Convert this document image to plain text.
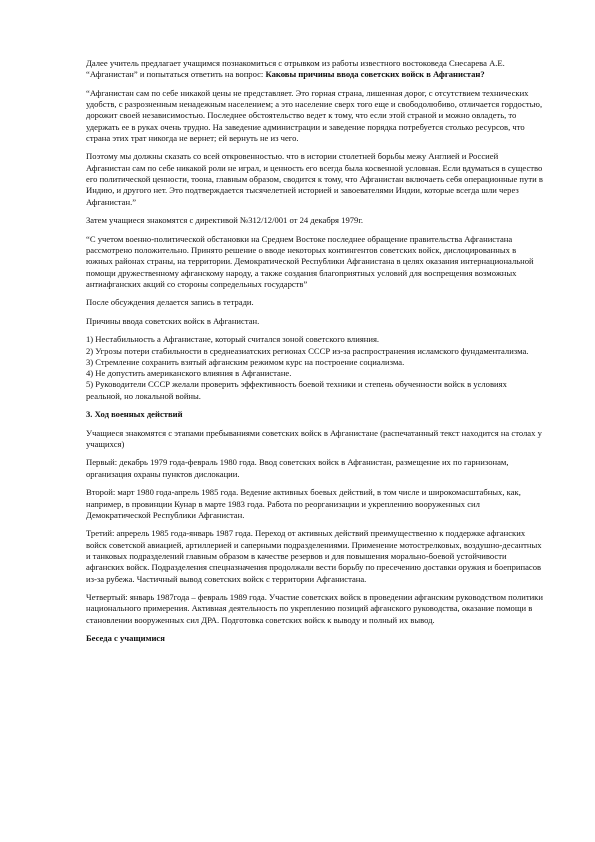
Далее учитель предлагает учащимся познакомиться с отрывком из работы известного востоковеда Снесарева А.Е. “Афганистан” и попытаться ответить на вопрос: Каковы причины ввода советских войск в Афганистан?

“Афганистан сам по себе никакой цены не представляет. Это горная страна, лишенная дорог, с отсутствием технических удобств, с разрозненным ненадежным населением; а это население сверх того еще и свободолюбиво, отличается гордостью, дорожит своей независимостью. Последнее обстоятельство ведет к тому, что если этой страной и можно овладеть, то удержать ее в руках очень трудно. На заведение администрации и заведение порядка потребуется столько ресурсов, что страна этих трат никогда не вернет; ей вернуть не из чего.

Поэтому мы должны сказать со всей откровенностью. что в истории столетней борьбы межу Англией и Россией Афганистан сам по себе никакой роли не играл, и ценность его всегда была косвенной условная. Если вдуматься в существо его политической ценности, тоона, главным образом, сводится к тому, что Афганистан включаеть себя операционные пути в Индию, и другого нет. Это подтверждается тысячелетней историей и завоевателями Индии, которые всегда шли через Афганистан.”

Затем учащиеся знакомятся с директивой №312/12/001 от 24 декабря 1979г.

“С учетом военно-политической обстановки на Среднем Востоке последнее обращение правительства Афганистана рассмотрено положительно. Принято решение о вводе некоторых контингентов советских войск, дислоцированных в южных районах страны, на территории. Демократической Республики Афганистана в целях оказания интернациональной помощи дружественному афганскому народу, а также создания благоприятных условий для воспрещения возможных антиафганских акций со стороны сопредельных государств”

После обсуждения делается запись в тетради.

Причины ввода советских войск в Афганистан.

1) Нестабильность а Афганистане, который считался зоной советского влияния.
2) Угрозы потери стабильности в среднеазиатских регионах СССР из-за распространения исламского фундаментализма.
3) Стремление сохранить взятый афганским режимом курс на построение социализма.
4) Не допустить американского влияния в Афганистане.
5) Руководители СССР желали проверить эффективность боевой техники и степень обученности войск в условиях реальной, но локальной войны.
3. Ход военных действий

Учащиеся знакомятся с этапами пребываниями советских войск в Афганистане (распечатанный текст находится на столах у учащихся)

Первый: декабрь 1979 года-февраль 1980 года. Ввод советских войск в Афганистан, размещение их по гарнизонам, организация охраны пунктов дислокации.

Второй: март 1980 года-апрель 1985 года. Ведение активных боевых действий, в том числе и широкомасштабных, как, например, в провинции Кунар в марте 1983 года. Работа по реорганизации и укреплению вооруженных сил Демократической Республики Афганистан.

Третий: апререль 1985 года-январь 1987 года. Переход от активных действий преимущественно к поддержке афганских войск советской авиацией, артиллерией и саперными подразделениями. Применение мотострелковых, воздушно-десантных и танковых подразделений главным образом в качестве резервов и для повышения морально-боевой устойчивости афганских войск. Подразделения спецназначения продолжали вести борьбу по пресечению доставки оружия и боеприпасов из-за рубежа. Частичный вывод советских войск с территории Афганистана.

Четвертый: январь 1987года – февраль 1989 года. Участие советских войск в проведении афганским руководством политики национального примерения. Активная деятельность по укреплению позиций афганского руководства, оказание помощи в становлении вооруженных сил ДРА. Подготовка советских войск к выводу и полный их вывод.

Беседа с учащимися
